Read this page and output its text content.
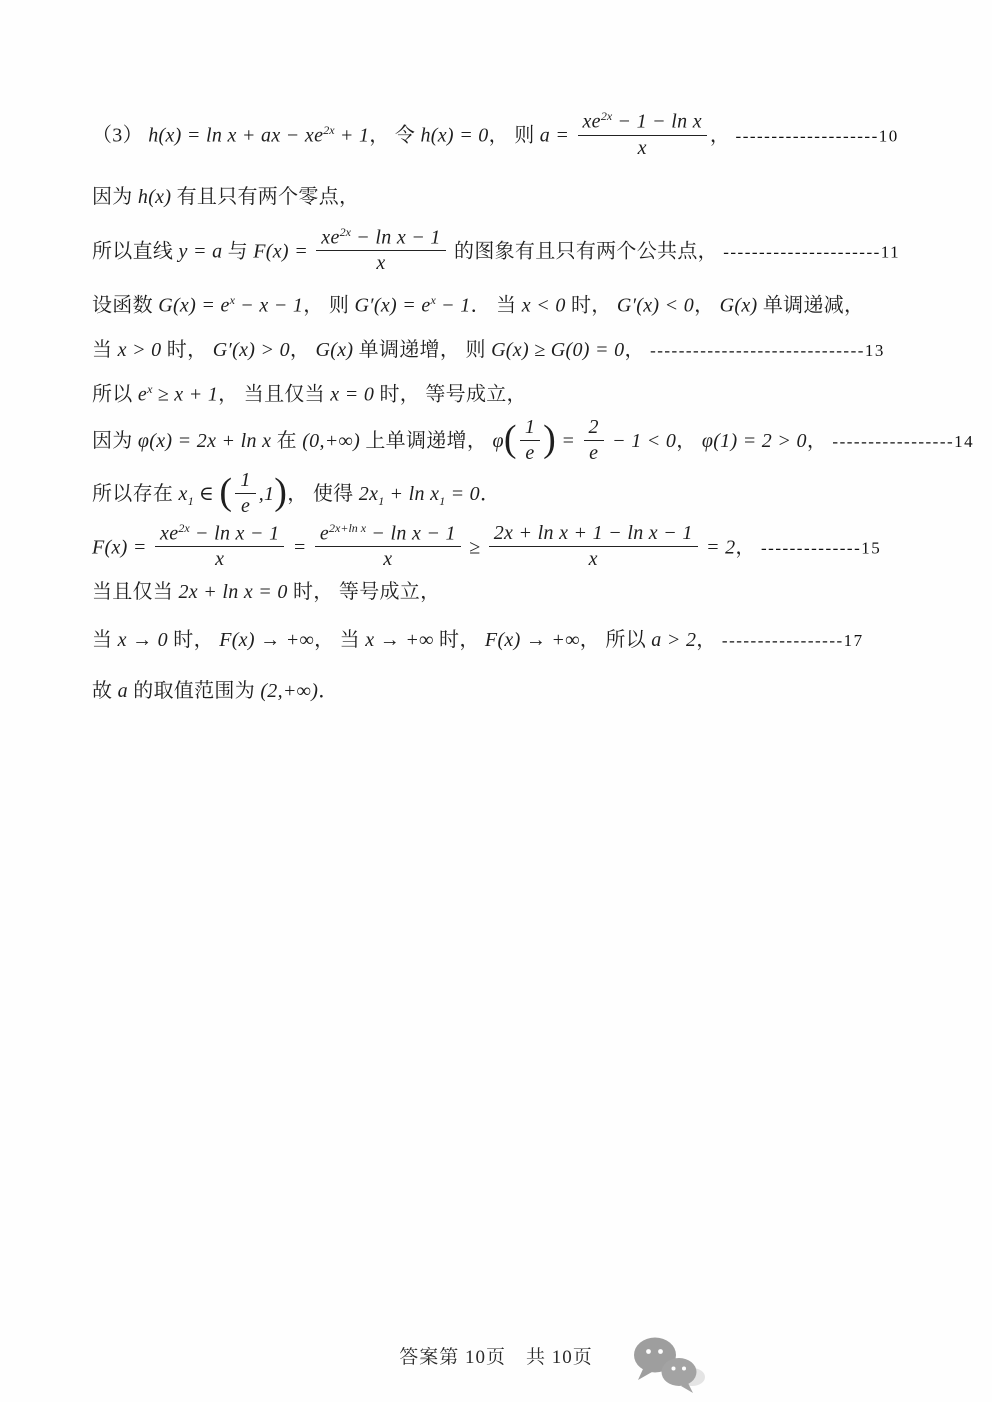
（3） h(x) = ln x + ax − $xe^{2x} + 1$， 令 h(x) = 0， 则 $a = \frac{xe^{2x} - 1 - \ln x}{x}$ ， --------------------10
因为 h(x) 有且只有两个零点，
所以直线 y = a 与 $F(x) = \frac{xe^{2x} - \ln x - 1}{x}$ 的图象有且只有两个公共点， ----------------------11
设函数 $G(x) = e^x - x - 1$， 则 $G'(x) = e^x - 1$． 当 x < 0 时， G′(x) < 0， G(x) 单调递减，
当 x > 0 时， G′(x) > 0， G(x) 单调递增， 则 G(x) ≥ G(0) = 0， ------------------------------13
所以 $e^x \ge x + 1$， 当且仅当 x = 0 时， 等号成立，
因为 φ(x) = 2x + ln x 在 (0,+∞) 上单调递增， $\varphi( \frac{1}{e}$ ) = $\frac{2}{e} - 1 < 0$， φ(1) = 2 > 0， -----------------14
所以存在 $x_1$ ∈ ( $\frac{1}{e} ,1$)， 使得 $2x_1 + \ln x_1 = 0$．
$F(x) = \frac{xe^{2x} - \ln x - 1}{x} = \frac{e^{2x+ln x} - \ln x - 1}{x} \ge \frac{\text{2x + ln x + 1 − ln x − 1}}{x} = 2$， --------------15
当且仅当 2x + ln x = 0 时， 等号成立，
当 x → 0 时， F(x) → +∞， 当 x → +∞ 时， F(x) → +∞， 所以 a > 2， -----------------17
故 a 的取值范围为 (2,+∞)．
答案第 10页　共 10页
